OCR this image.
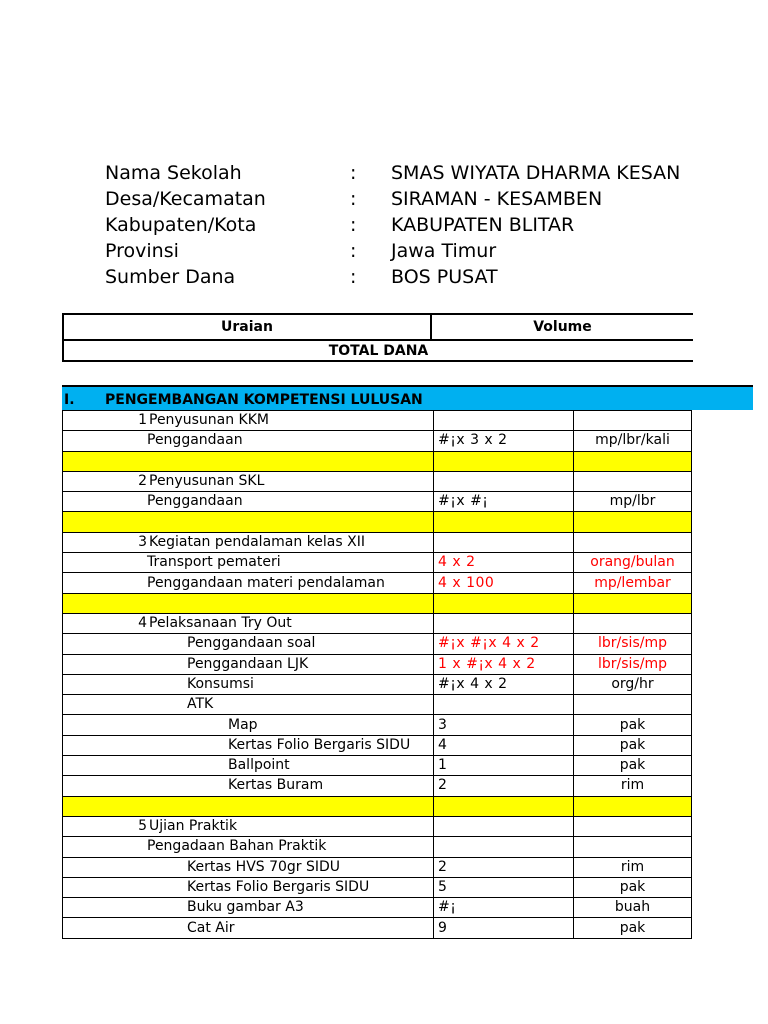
Nama Sekolah	: SMAS WIYATA DHARMA KESAN
Desa/Kecamatan	: SIRAMAN - KESAMBEN
Kabupaten/Kota	: KABUPATEN BLITAR
Provinsi	: Jawa Timur
Sumber Dana	: BOS PUSAT
Uraian	Volume
TOTAL DANA
I. PENGEMBANGAN KOMPETENSI LULUSAN
1 Penyusunan KKM		
Penggandaan	#¡x 3 x 2	mp/lbr/kali

2 Penyusunan SKL		
Penggandaan	#¡x #¡	mp/lbr

3 Kegiatan pendalaman kelas XII		
Transport pemateri	4 x 2	orang/bulan
Penggandaan materi pendalaman	4 x 100	mp/lembar

4 Pelaksanaan Try Out		
Penggandaan soal	#¡x #¡x 4 x 2	lbr/sis/mp
Penggandaan LJK	1 x #¡x 4 x 2	lbr/sis/mp
Konsumsi	#¡x 4 x 2	org/hr
ATK		
Map	3	pak
Kertas Folio Bergaris SIDU	4	pak
Ballpoint	1	pak
Kertas Buram	2	rim

5 Ujian Praktik		
Pengadaan Bahan Praktik		
Kertas HVS 70gr SIDU	2	rim
Kertas Folio Bergaris SIDU	5	pak
Buku gambar A3	#¡	buah
Cat Air	9	pak
